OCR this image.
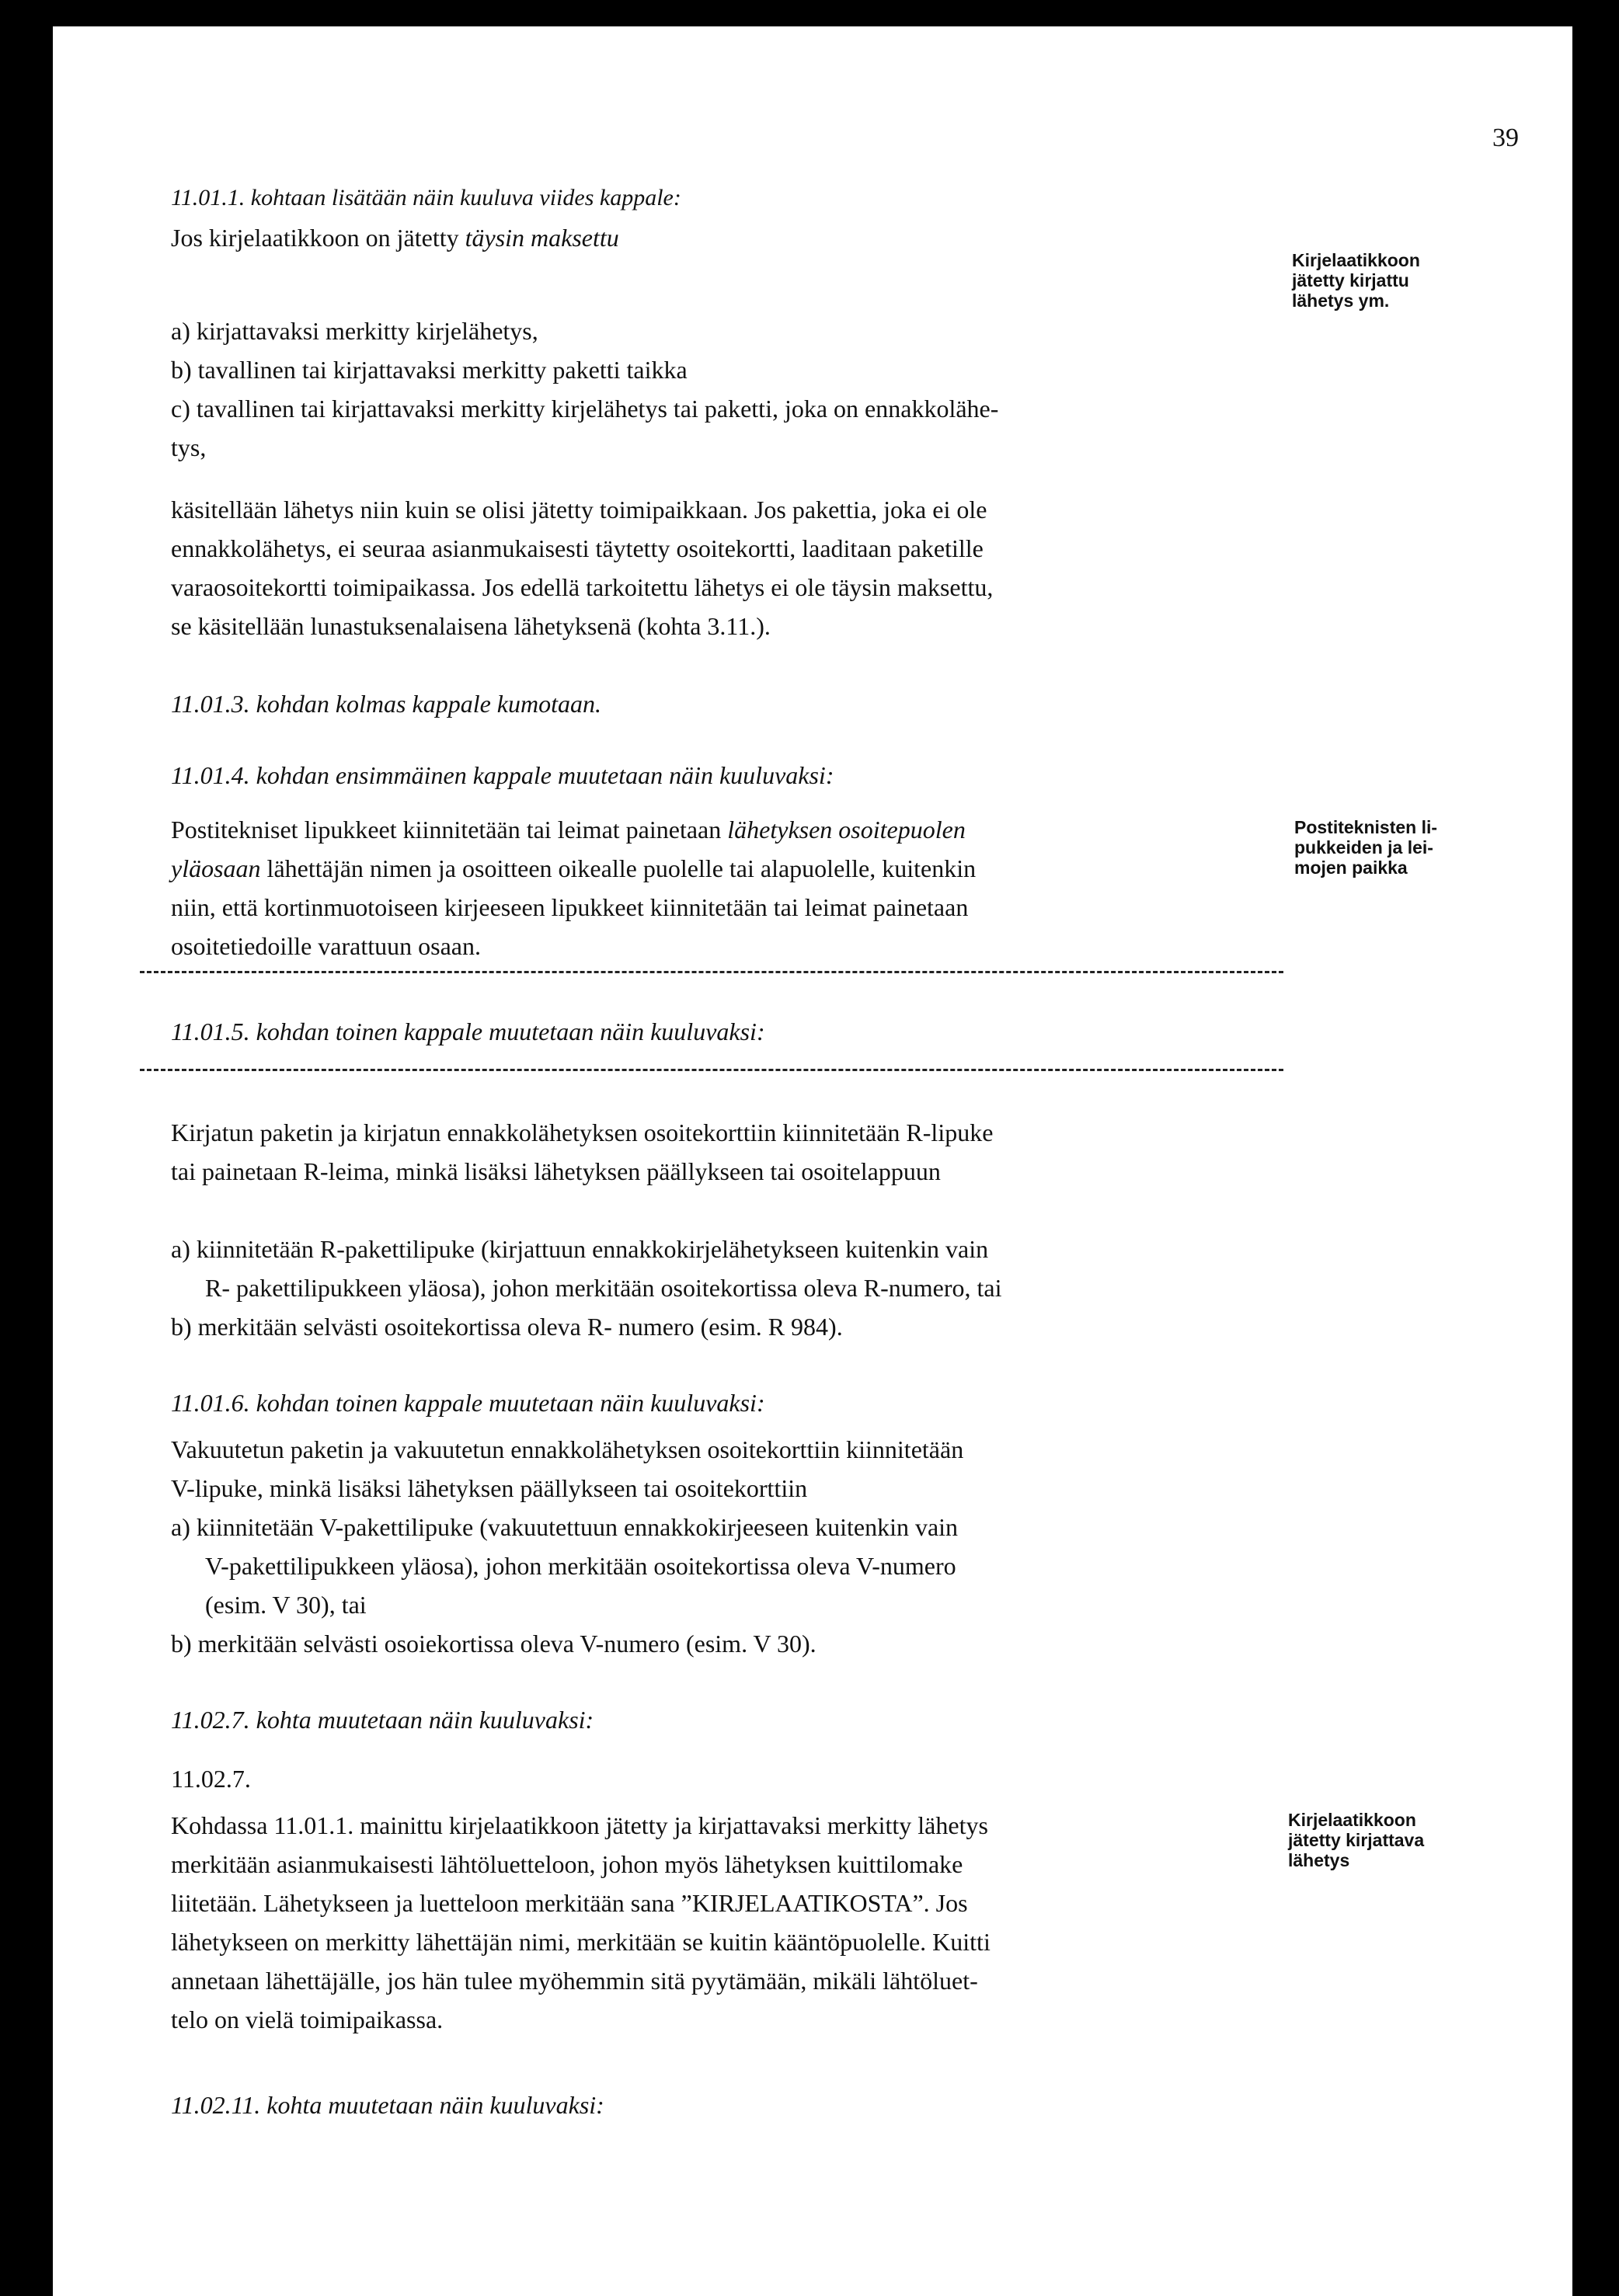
39
11.01.1. kohtaan lisätään näin kuuluva viides kappale:
Jos kirjelaatikkoon on jätetty täysin maksettu
a) kirjattavaksi merkitty kirjelähetys,
b) tavallinen tai kirjattavaksi merkitty paketti taikka
c) tavallinen tai kirjattavaksi merkitty kirjelähetys tai paketti, joka on ennakkolähe-
tys,
käsitellään lähetys niin kuin se olisi jätetty toimipaikkaan. Jos pakettia, joka ei ole
ennakkolähetys, ei seuraa asianmukaisesti täytetty osoitekortti, laaditaan paketille
varaosoitekortti toimipaikassa. Jos edellä tarkoitettu lähetys ei ole täysin maksettu,
se käsitellään lunastuksenalaisena lähetyksenä (kohta 3.11.).
Kirjelaatikkoon
jätetty kirjattu
lähetys ym.
11.01.3. kohdan kolmas kappale kumotaan.
11.01.4. kohdan ensimmäinen kappale muutetaan näin kuuluvaksi:
Postitekniset lipukkeet kiinnitetään tai leimat painetaan lähetyksen osoitepuolen
yläosaan lähettäjän nimen ja osoitteen oikealle puolelle tai alapuolelle, kuitenkin
niin, että kortinmuotoiseen kirjeeseen lipukkeet kiinnitetään tai leimat painetaan
osoitetiedoille varattuun osaan.
Postiteknisten li-
pukkeiden ja lei-
mojen paikka
11.01.5. kohdan toinen kappale muutetaan näin kuuluvaksi:
Kirjatun paketin ja kirjatun ennakkolähetyksen osoitekorttiin kiinnitetään R-lipuke
tai painetaan R-leima, minkä lisäksi lähetyksen päällykseen tai osoitelappuun
a) kiinnitetään R-pakettilipuke (kirjattuun ennakkokirjelähetykseen kuitenkin vain
R- pakettilipukkeen yläosa), johon merkitään osoitekortissa oleva R-numero, tai
b) merkitään selvästi osoitekortissa oleva R- numero (esim. R 984).
11.01.6. kohdan toinen kappale muutetaan näin kuuluvaksi:
Vakuutetun paketin ja vakuutetun ennakkolähetyksen osoitekorttiin kiinnitetään
V-lipuke, minkä lisäksi lähetyksen päällykseen tai osoitekorttiin
a) kiinnitetään V-pakettilipuke (vakuutettuun ennakkokirjeeseen kuitenkin vain
V-pakettilipukkeen yläosa), johon merkitään osoitekortissa oleva V-numero
(esim. V 30), tai
b) merkitään selvästi osoiekortissa oleva V-numero (esim. V 30).
11.02.7. kohta muutetaan näin kuuluvaksi:
11.02.7.
Kohdassa 11.01.1. mainittu kirjelaatikkoon jätetty ja kirjattavaksi merkitty lähetys
merkitään asianmukaisesti lähtöluetteloon, johon myös lähetyksen kuittilomake
liitetään. Lähetykseen ja luetteloon merkitään sana ”KIRJELAATIKOSTA”. Jos
lähetykseen on merkitty lähettäjän nimi, merkitään se kuitin kääntöpuolelle. Kuitti
annetaan lähettäjälle, jos hän tulee myöhemmin sitä pyytämään, mikäli lähtöluet-
telo on vielä toimipaikassa.
Kirjelaatikkoon
jätetty kirjattava
lähetys
11.02.11. kohta muutetaan näin kuuluvaksi:
